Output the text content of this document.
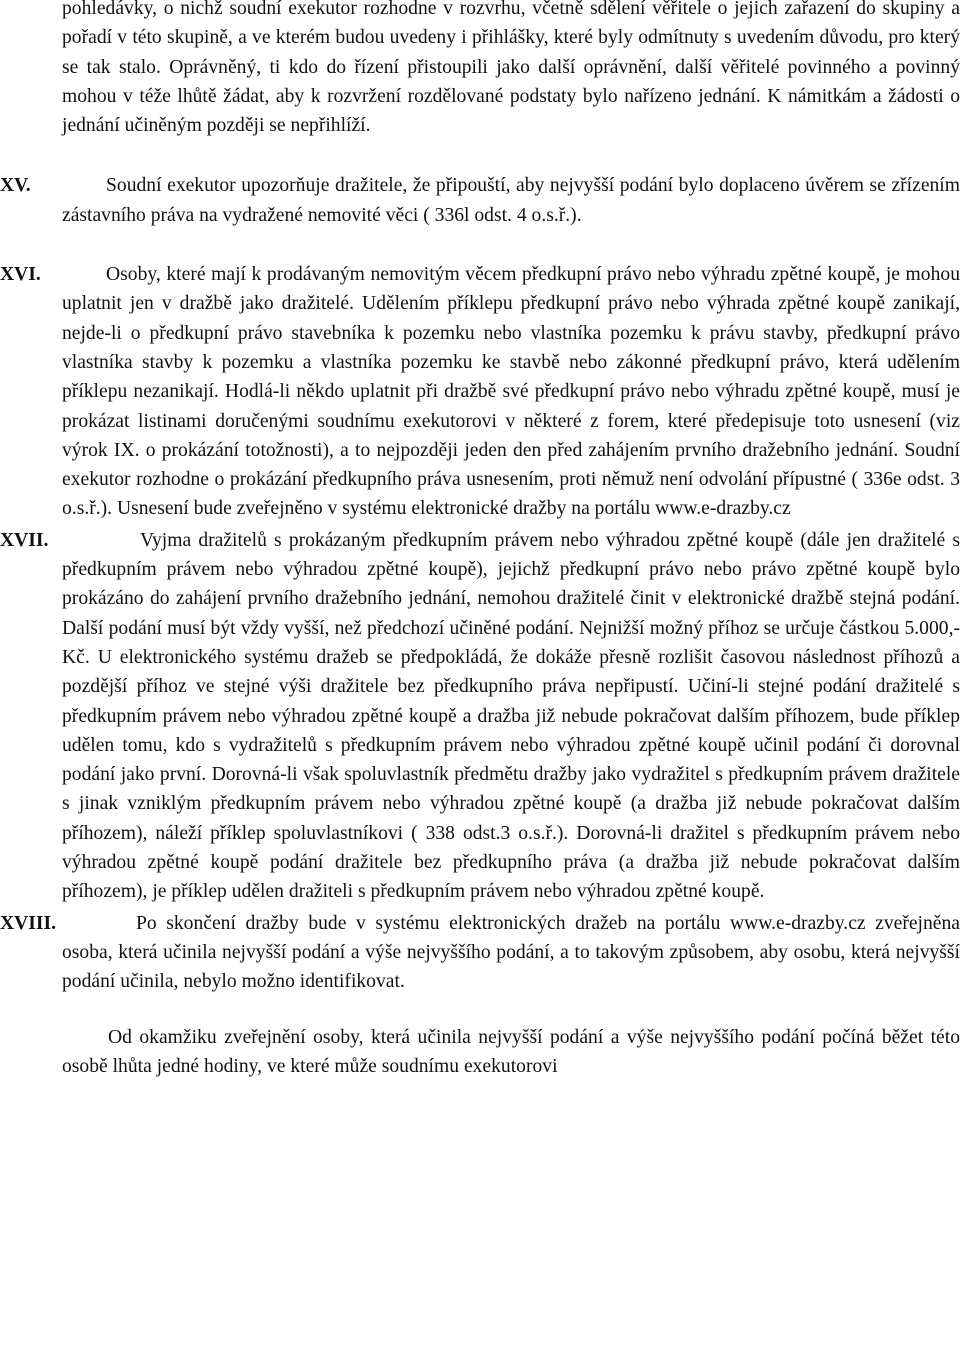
pohledávky, o nichž soudní exekutor rozhodne v rozvrhu, včetně sdělení věřitele o jejich zařazení do skupiny a pořadí v této skupině, a ve kterém budou uvedeny i přihlášky, které byly odmítnuty s uvedením důvodu, pro který se tak stalo. Oprávněný, ti kdo do řízení přistoupili jako další oprávnění, další věřitelé povinného a povinný mohou v téže lhůtě žádat, aby k rozvržení rozdělované podstaty bylo nařízeno jednání. K námitkám a žádosti o jednání učiněným později se nepřihlíží.

XV.	Soudní exekutor upozorňuje dražitele, že připouští, aby nejvyšší podání bylo doplaceno úvěrem se zřízením zástavního práva na vydražené nemovité věci ( 336l odst. 4 o.s.ř.).

XVI.	Osoby, které mají k prodávaným nemovitým věcem předkupní právo nebo výhradu zpětné koupě, je mohou uplatnit jen v dražbě jako dražitelé. Udělením příklepu předkupní právo nebo výhrada zpětné koupě zanikají, nejde-li o předkupní právo stavebníka k pozemku nebo vlastníka pozemku k právu stavby, předkupní právo vlastníka stavby k pozemku a vlastníka pozemku ke stavbě nebo zákonné předkupní právo, která udělením příklepu nezanikají. Hodlá-li někdo uplatnit při dražbě své předkupní právo nebo výhradu zpětné koupě, musí je prokázat listinami doručenými soudnímu exekutorovi v některé z forem, které předepisuje toto usnesení (viz výrok IX. o prokázání totožnosti), a to nejpozději jeden den před zahájením prvního dražebního jednání. Soudní exekutor rozhodne o prokázání předkupního práva usnesením, proti němuž není odvolání přípustné ( 336e odst. 3 o.s.ř.). Usnesení bude zveřejněno v systému elektronické dražby na portálu www.e-drazby.cz

XVII.	Vyjma dražitelů s prokázaným předkupním právem nebo výhradou zpětné koupě (dále jen dražitelé s předkupním právem nebo výhradou zpětné koupě), jejichž předkupní právo nebo právo zpětné koupě bylo prokázáno do zahájení prvního dražebního jednání, nemohou dražitelé činit v elektronické dražbě stejná podání. Další podání musí být vždy vyšší, než předchozí učiněné podání. Nejnižší možný příhoz se určuje částkou 5.000,- Kč. U elektronického systému dražeb se předpokládá, že dokáže přesně rozlišit časovou následnost příhozů a pozdější příhoz ve stejné výši dražitele bez předkupního práva nepřipustí. Učiní-li stejné podání dražitelé s předkupním právem nebo výhradou zpětné koupě a dražba již nebude pokračovat dalším příhozem, bude příklep udělen tomu, kdo s vydražitelů s předkupním právem nebo výhradou zpětné koupě učinil podání či dorovnal podání jako první. Dorovná-li však spoluvlastník předmětu dražby jako vydražitel s předkupním právem dražitele s jinak vzniklým předkupním právem nebo výhradou zpětné koupě (a dražba již nebude pokračovat dalším příhozem), náleží příklep spoluvlastníkovi ( 338 odst.3 o.s.ř.). Dorovná-li dražitel s předkupním právem nebo výhradou zpětné koupě podání dražitele bez předkupního práva (a dražba již nebude pokračovat dalším příhozem), je příklep udělen dražiteli s předkupním právem nebo výhradou zpětné koupě.

XVIII.	Po skončení dražby bude v systému elektronických dražeb na portálu www.e-drazby.cz zveřejněna osoba, která učinila nejvyšší podání a výše nejvyššího podání, a to takovým způsobem, aby osobu, která nejvyšší podání učinila, nebylo možno identifikovat.

Od okamžiku zveřejnění osoby, která učinila nejvyšší podání a výše nejvyššího podání počíná běžet této osobě lhůta jedné hodiny, ve které může soudnímu exekutorovi
